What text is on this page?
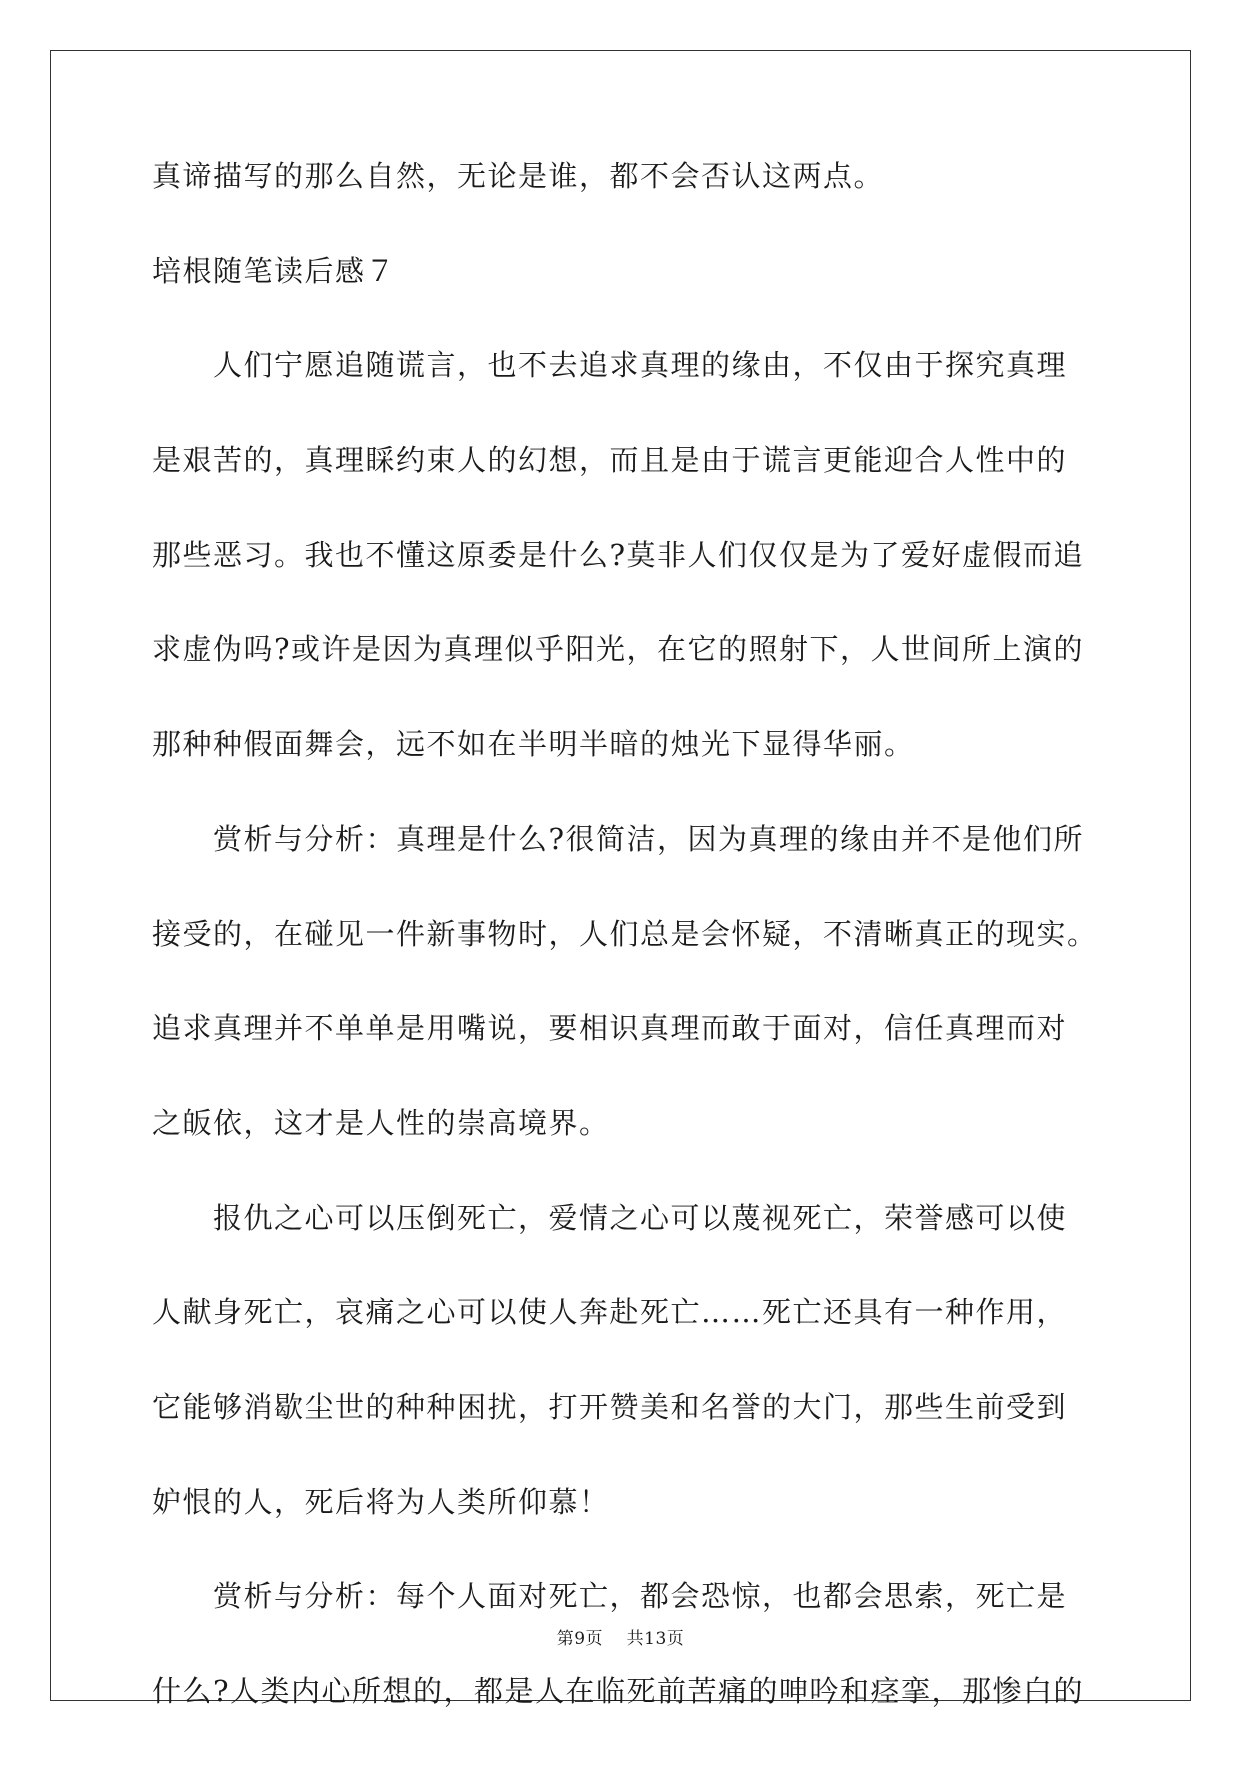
真谛描写的那么自然，无论是谁，都不会否认这两点。
培根随笔读后感７
　　人们宁愿追随谎言，也不去追求真理的缘由，不仅由于探究真理
是艰苦的，真理睬约束人的幻想，而且是由于谎言更能迎合人性中的
那些恶习。我也不懂这原委是什么?莫非人们仅仅是为了爱好虚假而追
求虚伪吗?或许是因为真理似乎阳光，在它的照射下，人世间所上演的
那种种假面舞会，远不如在半明半暗的烛光下显得华丽。
　　赏析与分析：真理是什么?很简洁，因为真理的缘由并不是他们所
接受的，在碰见一件新事物时，人们总是会怀疑，不清晰真正的现实。
追求真理并不单单是用嘴说，要相识真理而敢于面对，信任真理而对
之皈依，这才是人性的崇高境界。
　　报仇之心可以压倒死亡，爱情之心可以蔑视死亡，荣誉感可以使
人献身死亡，哀痛之心可以使人奔赴死亡……死亡还具有一种作用，
它能够消歇尘世的种种困扰，打开赞美和名誉的大门，那些生前受到
妒恨的人，死后将为人类所仰慕！
　　赏析与分析：每个人面对死亡，都会恐惊，也都会思索，死亡是
什么?人类内心所想的，都是人在临死前苦痛的呻吟和痉挛，那惨白的
第9页 共13页
